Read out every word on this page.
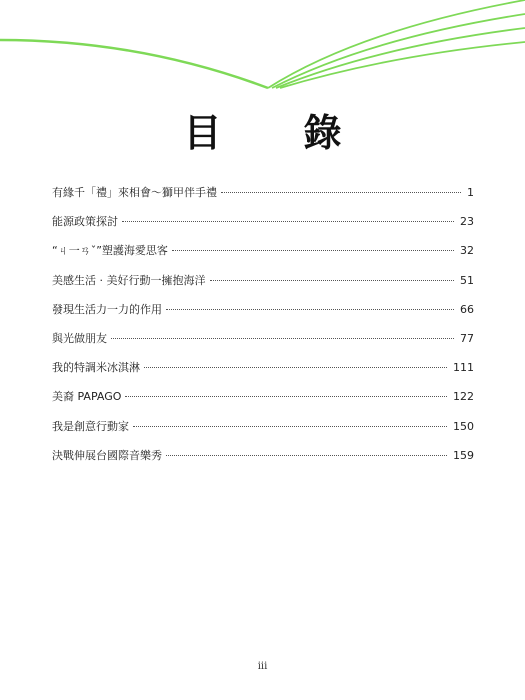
目　錄
有緣千「禮」來相會～獅甲伴手禮	1
能源政策探討	23
“ㄐ一ㄢˇ”塑護海愛思客	32
美感生活 ‧ 美好行動一擁抱海洋	51
發現生活力一力的作用	66
與光做朋友	77
我的特調米冰淇淋	111
美裔 PAPAGO	122
我是創意行動家	150
決戰伸展台國際音樂秀	159
iii
